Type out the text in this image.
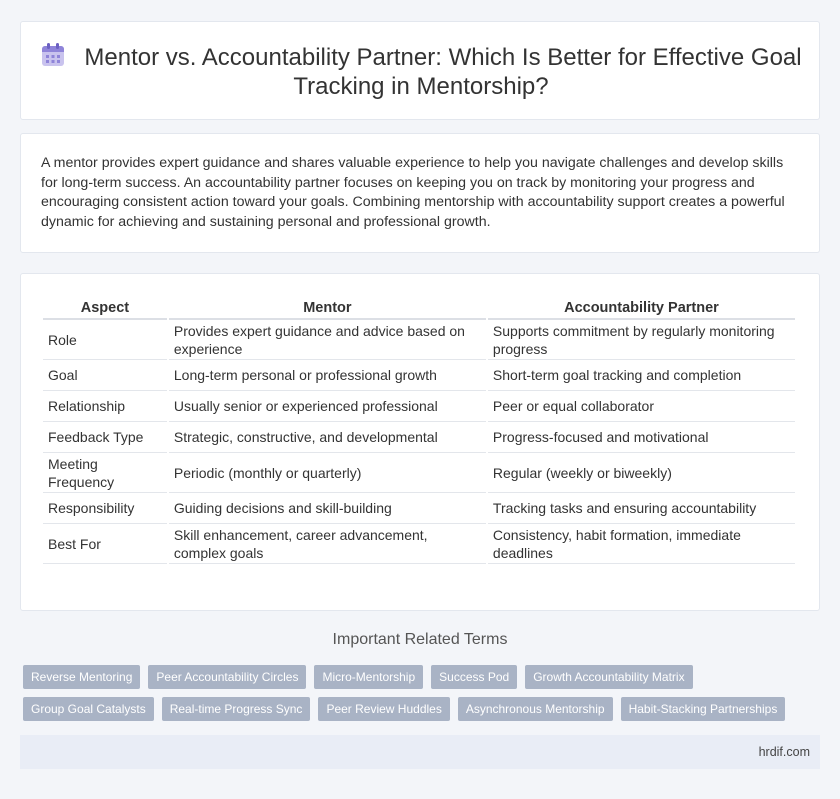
Mentor vs. Accountability Partner: Which Is Better for Effective Goal Tracking in Mentorship?

A mentor provides expert guidance and shares valuable experience to help you navigate challenges and develop skills for long-term success. An accountability partner focuses on keeping you on track by monitoring your progress and encouraging consistent action toward your goals. Combining mentorship with accountability support creates a powerful dynamic for achieving and sustaining personal and professional growth.

Aspect	Mentor	Accountability Partner
Role	Provides expert guidance and advice based on experience	Supports commitment by regularly monitoring progress
Goal	Long-term personal or professional growth	Short-term goal tracking and completion
Relationship	Usually senior or experienced professional	Peer or equal collaborator
Feedback Type	Strategic, constructive, and developmental	Progress-focused and motivational
Meeting Frequency	Periodic (monthly or quarterly)	Regular (weekly or biweekly)
Responsibility	Guiding decisions and skill-building	Tracking tasks and ensuring accountability
Best For	Skill enhancement, career advancement, complex goals	Consistency, habit formation, immediate deadlines
Important Related Terms
Reverse Mentoring	Peer Accountability Circles	Micro-Mentorship	Success Pod	Growth Accountability Matrix
Group Goal Catalysts	Real-time Progress Sync	Peer Review Huddles	Asynchronous Mentorship	Habit-Stacking Partnerships
hrdif.com
